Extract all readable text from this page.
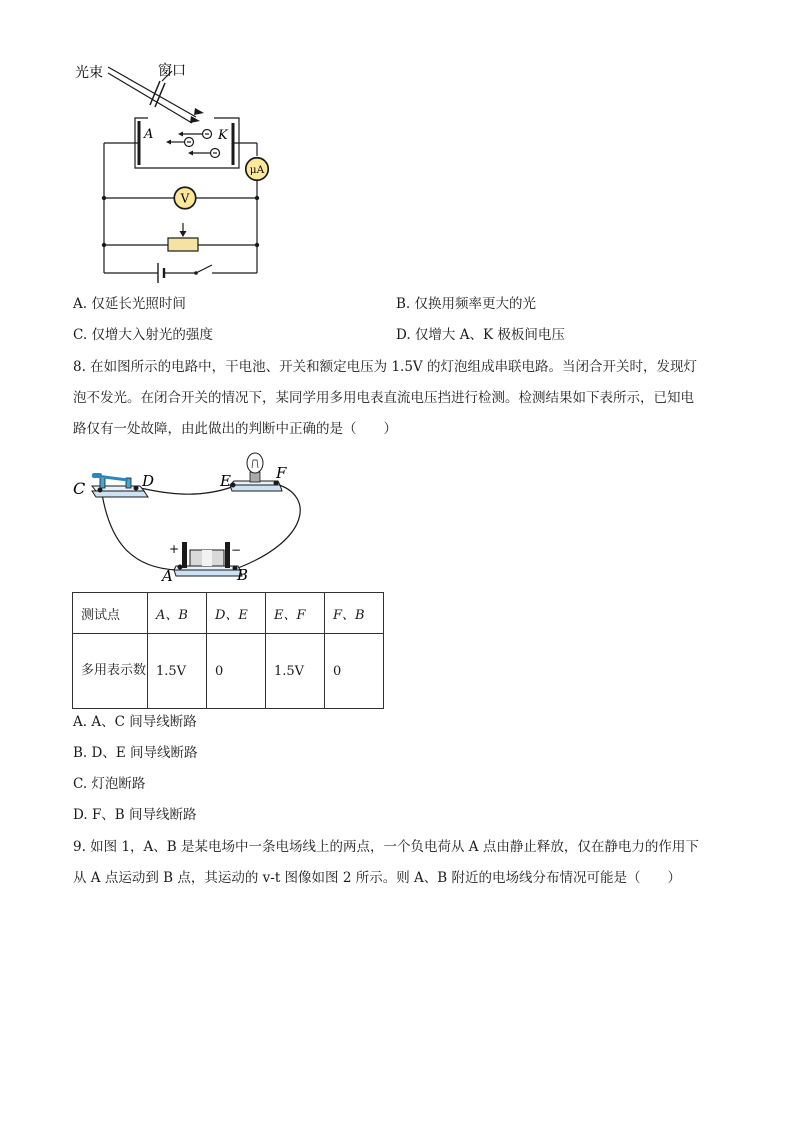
光束	窗口
A	K
μA
V
A. 仅延长光照时间	B. 仅换用频率更大的光
C. 仅增大入射光的强度	D. 仅增大 A、K 极板间电压
8. 在如图所示的电路中，干电池、开关和额定电压为 1.5V 的灯泡组成串联电路。当闭合开关时，发现灯
泡不发光。在闭合开关的情况下，某同学用多用电表直流电压挡进行检测。检测结果如下表所示，已知电
路仅有一处故障，由此做出的判断中正确的是（　　）
C	D	E	F
A	B
+	−
测试点	A、B	D、E	E、F	F、B
多用表示数	1.5V	0	1.5V	0
A. A、C 间导线断路
B. D、E 间导线断路
C. 灯泡断路
D. F、B 间导线断路
9. 如图 1，A、B 是某电场中一条电场线上的两点，一个负电荷从 A 点由静止释放，仅在静电力的作用下
从 A 点运动到 B 点，其运动的 v-t 图像如图 2 所示。则 A、B 附近的电场线分布情况可能是（　　）
